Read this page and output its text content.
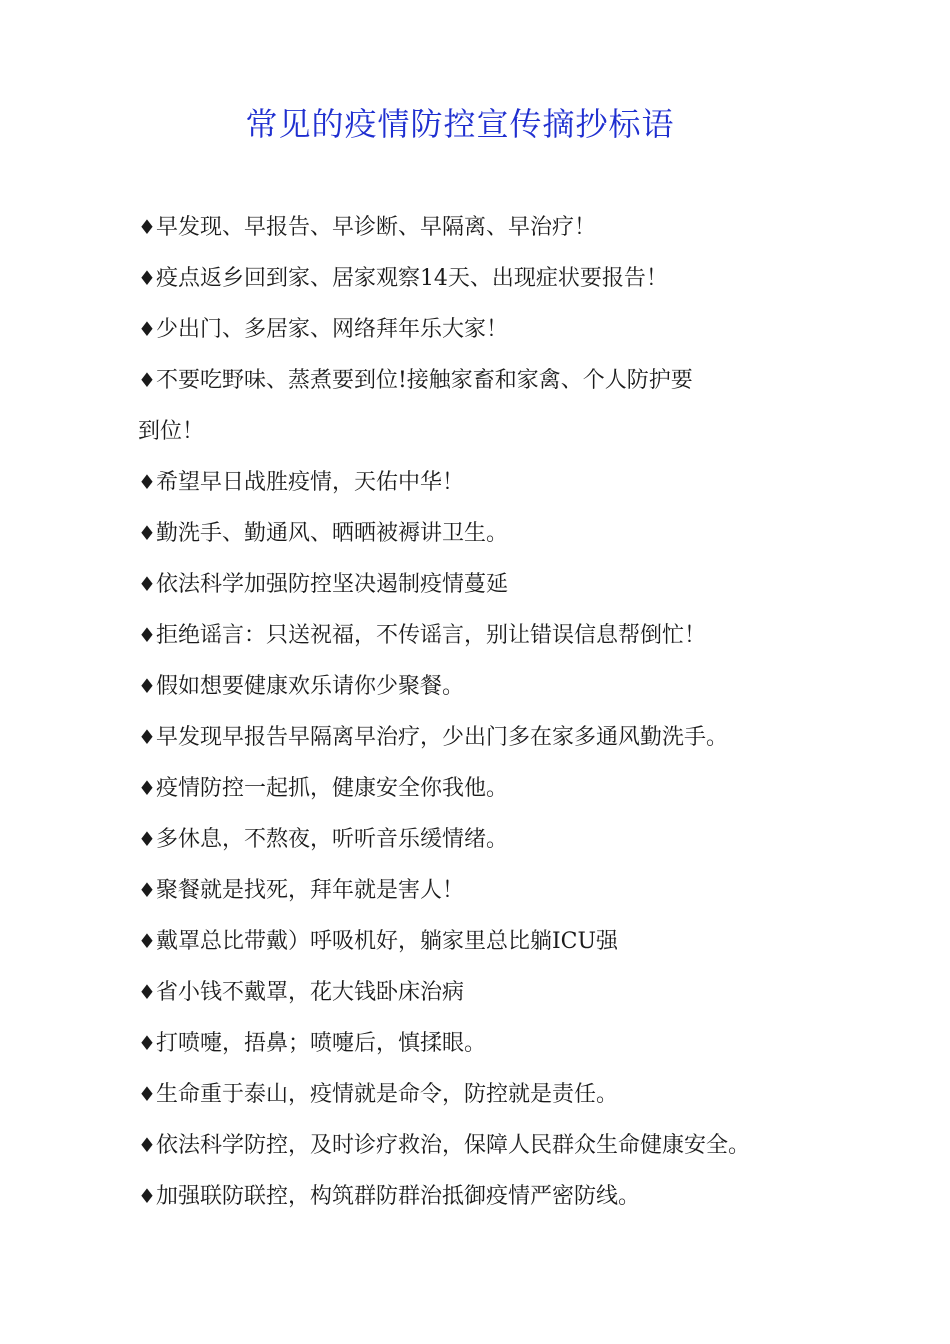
常见的疫情防控宣传摘抄标语
♦早发现、早报告、早诊断、早隔离、早治疗！
♦疫点返乡回到家、居家观察14天、出现症状要报告！
♦少出门、多居家、网络拜年乐大家！
♦不要吃野味、蒸煮要到位!接触家畜和家禽、个人防护要
到位！
♦希望早日战胜疫情，天佑中华！
♦勤洗手、勤通风、晒晒被褥讲卫生。
♦依法科学加强防控坚决遏制疫情蔓延
♦拒绝谣言：只送祝福，不传谣言，别让错误信息帮倒忙！
♦假如想要健康欢乐请你少聚餐。
♦早发现早报告早隔离早治疗，少出门多在家多通风勤洗手。
♦疫情防控一起抓，健康安全你我他。
♦多休息，不熬夜，听听音乐缓情绪。
♦聚餐就是找死，拜年就是害人！
♦戴罩总比带戴）呼吸机好，躺家里总比躺ICU强
♦省小钱不戴罩，花大钱卧床治病
♦打喷嚏，捂鼻；喷嚏后，慎揉眼。
♦生命重于泰山，疫情就是命令，防控就是责任。
♦依法科学防控，及时诊疗救治，保障人民群众生命健康安全。
♦加强联防联控，构筑群防群治抵御疫情严密防线。
